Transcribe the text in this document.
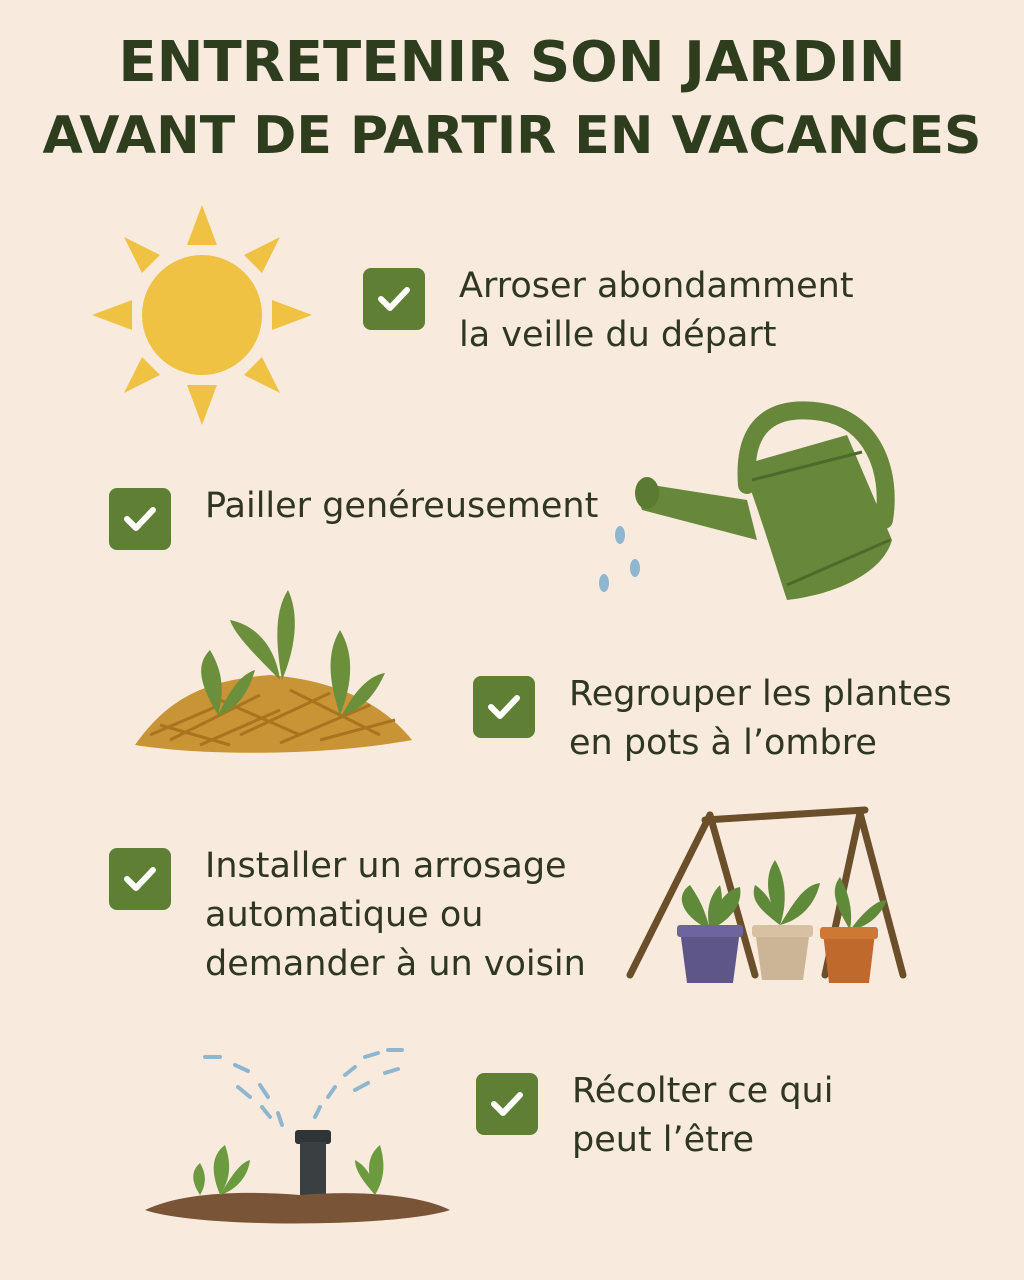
ENTRETENIR SON JARDIN
AVANT DE PARTIR EN VACANCES
Arroser abondamment
la veille du départ
Pailler genéreusement
Regrouper les plantes
en pots à l’ombre
Installer un arrosage
automatique ou
demander à un voisin
Récolter ce qui
peut l’être
